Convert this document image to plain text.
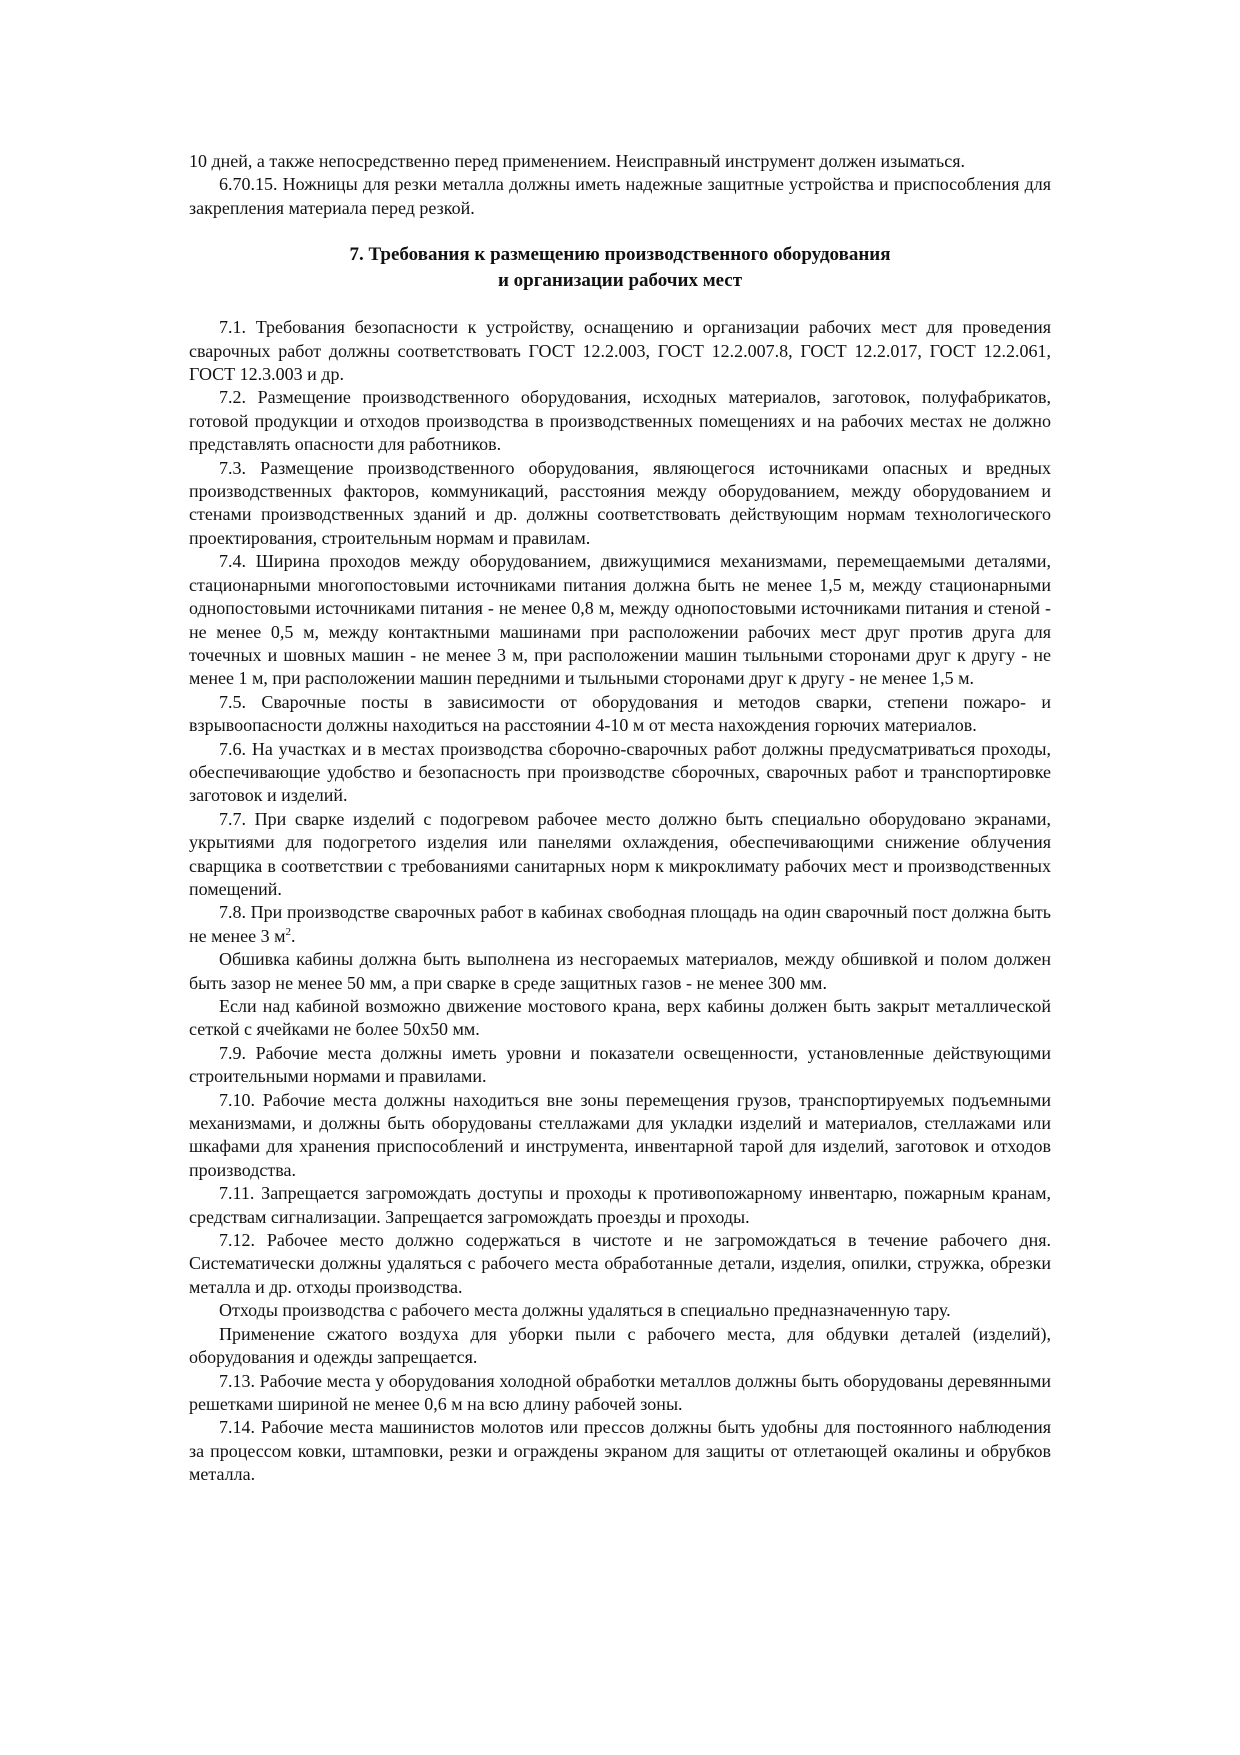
10 дней, а также непосредственно перед применением. Неисправный инструмент должен изыматься.

6.70.15. Ножницы для резки металла должны иметь надежные защитные устройства и приспособления для закрепления материала перед резкой.

7. Требования к размещению производственного оборудования
и организации рабочих мест

7.1. Требования безопасности к устройству, оснащению и организации рабочих мест для проведения сварочных работ должны соответствовать ГОСТ 12.2.003, ГОСТ 12.2.007.8, ГОСТ 12.2.017, ГОСТ 12.2.061, ГОСТ 12.3.003 и др.

7.2. Размещение производственного оборудования, исходных материалов, заготовок, полуфабрикатов, готовой продукции и отходов производства в производственных помещениях и на рабочих местах не должно представлять опасности для работников.

7.3. Размещение производственного оборудования, являющегося источниками опасных и вредных производственных факторов, коммуникаций, расстояния между оборудованием, между оборудованием и стенами производственных зданий и др. должны соответствовать действующим нормам технологического проектирования, строительным нормам и правилам.

7.4. Ширина проходов между оборудованием, движущимися механизмами, перемещаемыми деталями, стационарными многопостовыми источниками питания должна быть не менее 1,5 м, между стационарными однопостовыми источниками питания - не менее 0,8 м, между однопостовыми источниками питания и стеной - не менее 0,5 м, между контактными машинами при расположении рабочих мест друг против друга для точечных и шовных машин - не менее 3 м, при расположении машин тыльными сторонами друг к другу - не менее 1 м, при расположении машин передними и тыльными сторонами друг к другу - не менее 1,5 м.

7.5. Сварочные посты в зависимости от оборудования и методов сварки, степени пожаро- и взрывоопасности должны находиться на расстоянии 4-10 м от места нахождения горючих материалов.

7.6. На участках и в местах производства сборочно-сварочных работ должны предусматриваться проходы, обеспечивающие удобство и безопасность при производстве сборочных, сварочных работ и транспортировке заготовок и изделий.

7.7. При сварке изделий с подогревом рабочее место должно быть специально оборудовано экранами, укрытиями для подогретого изделия или панелями охлаждения, обеспечивающими снижение облучения сварщика в соответствии с требованиями санитарных норм к микроклимату рабочих мест и производственных помещений.

7.8. При производстве сварочных работ в кабинах свободная площадь на один сварочный пост должна быть не менее 3 $м^2$.

Обшивка кабины должна быть выполнена из несгораемых материалов, между обшивкой и полом должен быть зазор не менее 50 мм, а при сварке в среде защитных газов - не менее 300 мм.

Если над кабиной возможно движение мостового крана, верх кабины должен быть закрыт металлической сеткой с ячейками не более 50x50 мм.

7.9. Рабочие места должны иметь уровни и показатели освещенности, установленные действующими строительными нормами и правилами.

7.10. Рабочие места должны находиться вне зоны перемещения грузов, транспортируемых подъемными механизмами, и должны быть оборудованы стеллажами для укладки изделий и материалов, стеллажами или шкафами для хранения приспособлений и инструмента, инвентарной тарой для изделий, заготовок и отходов производства.

7.11. Запрещается загромождать доступы и проходы к противопожарному инвентарю, пожарным кранам, средствам сигнализации. Запрещается загромождать проезды и проходы.

7.12. Рабочее место должно содержаться в чистоте и не загромождаться в течение рабочего дня. Систематически должны удаляться с рабочего места обработанные детали, изделия, опилки, стружка, обрезки металла и др. отходы производства.

Отходы производства с рабочего места должны удаляться в специально предназначенную тару.

Применение сжатого воздуха для уборки пыли с рабочего места, для обдувки деталей (изделий), оборудования и одежды запрещается.

7.13. Рабочие места у оборудования холодной обработки металлов должны быть оборудованы деревянными решетками шириной не менее 0,6 м на всю длину рабочей зоны.

7.14. Рабочие места машинистов молотов или прессов должны быть удобны для постоянного наблюдения за процессом ковки, штамповки, резки и ограждены экраном для защиты от отлетающей окалины и обрубков металла.
